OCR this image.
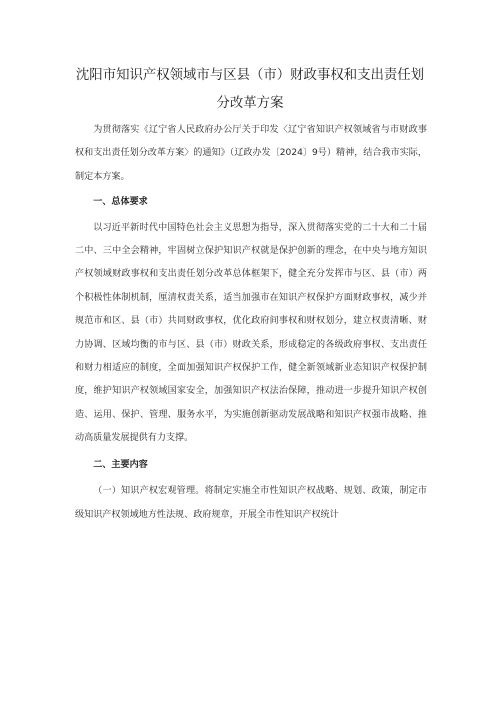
沈阳市知识产权领域市与区县（市）财政事权和支出责任划分改革方案

为贯彻落实《辽宁省人民政府办公厅关于印发〈辽宁省知识产权领域省与市财政事权和支出责任划分改革方案〉的通知》（辽政办发〔2024〕9号）精神，结合我市实际，制定本方案。

一、总体要求

以习近平新时代中国特色社会主义思想为指导，深入贯彻落实党的二十大和二十届二中、三中全会精神，牢固树立保护知识产权就是保护创新的理念，在中央与地方知识产权领域财政事权和支出责任划分改革总体框架下，健全充分发挥市与区、县（市）两个积极性体制机制，厘清权责关系，适当加强市在知识产权保护方面财政事权，减少并规范市和区、县（市）共同财政事权，优化政府间事权和财权划分，建立权责清晰、财力协调、区域均衡的市与区、县（市）财政关系，形成稳定的各级政府事权、支出责任和财力相适应的制度，全面加强知识产权保护工作，健全新领域新业态知识产权保护制度，维护知识产权领域国家安全，加强知识产权法治保障，推动进一步提升知识产权创造、运用、保护、管理、服务水平，为实施创新驱动发展战略和知识产权强市战略、推动高质量发展提供有力支撑。

二、主要内容

（一）知识产权宏观管理。将制定实施全市性知识产权战略、规划、政策，制定市级知识产权领域地方性法规、政府规章，开展全市性知识产权统计
